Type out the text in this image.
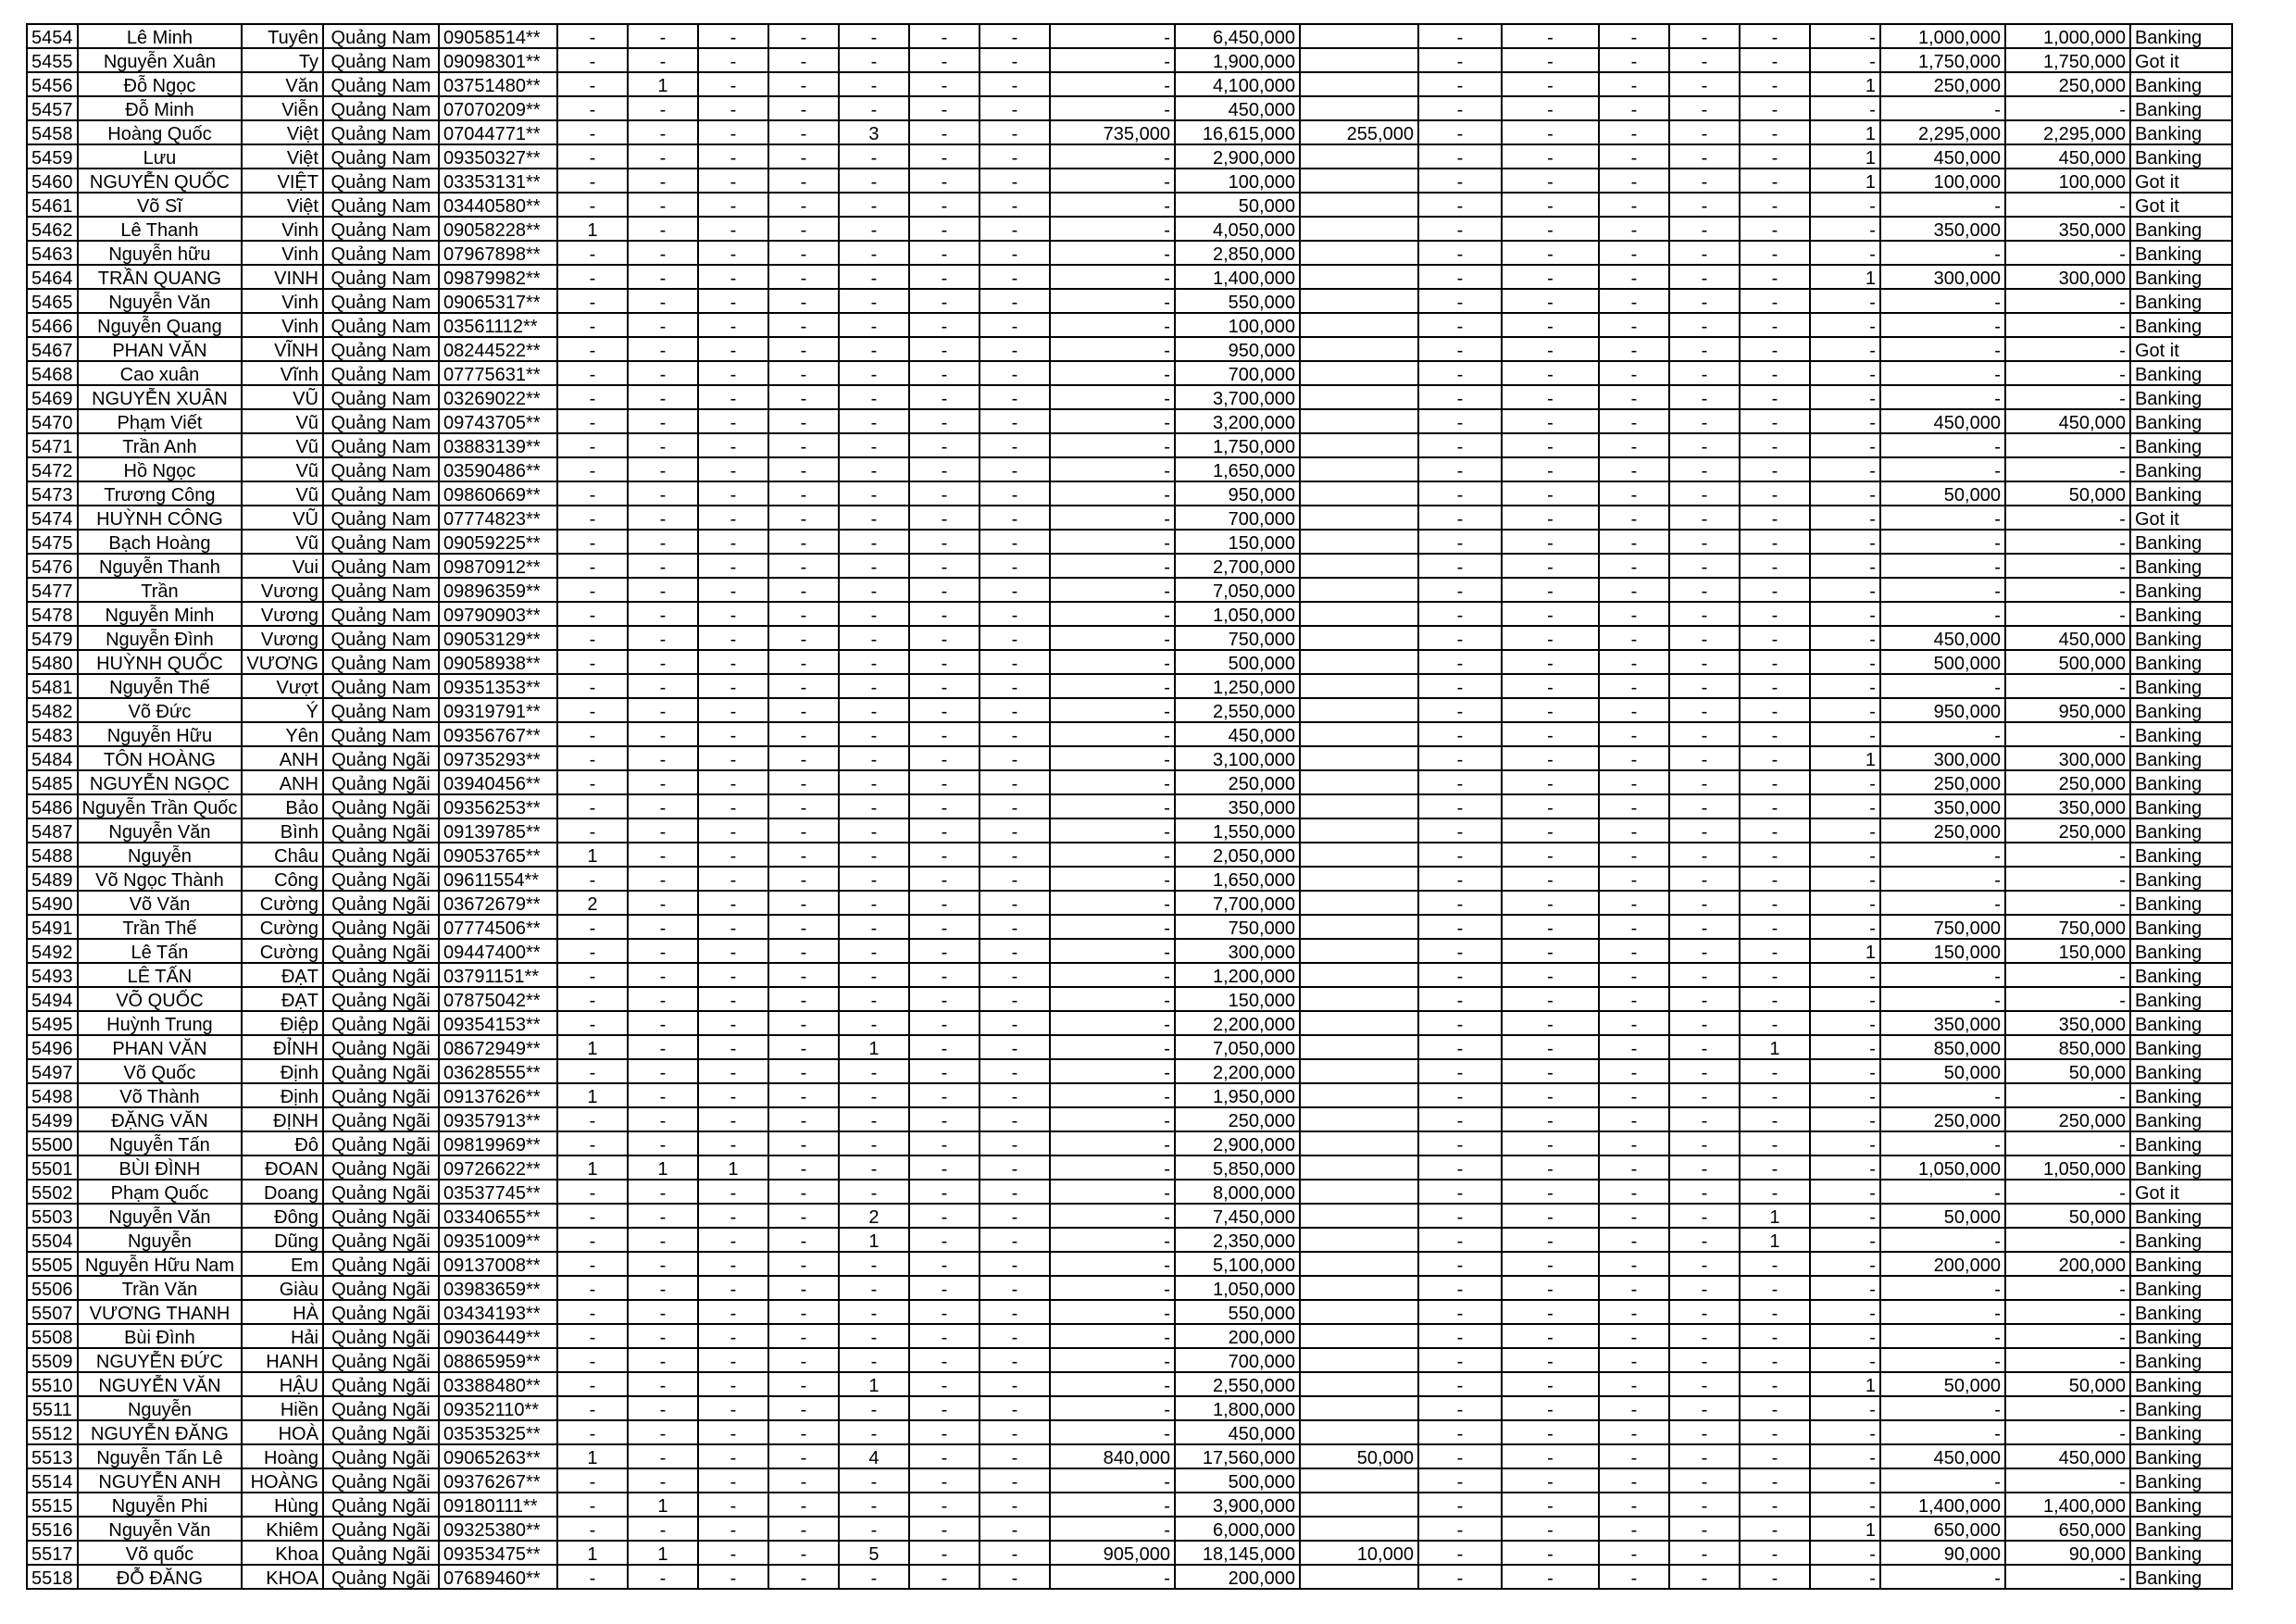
5454	Lê Minh	Tuyên	Quảng Nam	09058514**	-	-	-	-	-	-	-	-	6,450,000		-	-	-	-	-	-	1,000,000	1,000,000	Banking
5455	Nguyễn Xuân	Ty	Quảng Nam	09098301**	-	-	-	-	-	-	-	-	1,900,000		-	-	-	-	-	-	1,750,000	1,750,000	Got it
5456	Đỗ Ngọc	Văn	Quảng Nam	03751480**	-	1	-	-	-	-	-	-	4,100,000		-	-	-	-	-	1	250,000	250,000	Banking
5457	Đỗ Minh	Viễn	Quảng Nam	07070209**	-	-	-	-	-	-	-	-	450,000		-	-	-	-	-	-	-	-	Banking
5458	Hoàng Quốc	Việt	Quảng Nam	07044771**	-	-	-	-	3	-	-	735,000	16,615,000	255,000	-	-	-	-	-	1	2,295,000	2,295,000	Banking
5459	Lưu	Việt	Quảng Nam	09350327**	-	-	-	-	-	-	-	-	2,900,000		-	-	-	-	-	1	450,000	450,000	Banking
5460	NGUYỄN QUỐC	VIỆT	Quảng Nam	03353131**	-	-	-	-	-	-	-	-	100,000		-	-	-	-	-	1	100,000	100,000	Got it
5461	Võ Sĩ	Việt	Quảng Nam	03440580**	-	-	-	-	-	-	-	-	50,000		-	-	-	-	-	-	-	-	Got it
5462	Lê Thanh	Vinh	Quảng Nam	09058228**	1	-	-	-	-	-	-	-	4,050,000		-	-	-	-	-	-	350,000	350,000	Banking
5463	Nguyễn hữu	Vinh	Quảng Nam	07967898**	-	-	-	-	-	-	-	-	2,850,000		-	-	-	-	-	-	-	-	Banking
5464	TRẦN QUANG	VINH	Quảng Nam	09879982**	-	-	-	-	-	-	-	-	1,400,000		-	-	-	-	-	1	300,000	300,000	Banking
5465	Nguyễn Văn	Vinh	Quảng Nam	09065317**	-	-	-	-	-	-	-	-	550,000		-	-	-	-	-	-	-	-	Banking
5466	Nguyễn Quang	Vinh	Quảng Nam	03561112**	-	-	-	-	-	-	-	-	100,000		-	-	-	-	-	-	-	-	Banking
5467	PHAN VĂN	VĨNH	Quảng Nam	08244522**	-	-	-	-	-	-	-	-	950,000		-	-	-	-	-	-	-	-	Got it
5468	Cao xuân	Vĩnh	Quảng Nam	07775631**	-	-	-	-	-	-	-	-	700,000		-	-	-	-	-	-	-	-	Banking
5469	NGUYỄN XUÂN	VŨ	Quảng Nam	03269022**	-	-	-	-	-	-	-	-	3,700,000		-	-	-	-	-	-	-	-	Banking
5470	Phạm Viết	Vũ	Quảng Nam	09743705**	-	-	-	-	-	-	-	-	3,200,000		-	-	-	-	-	-	450,000	450,000	Banking
5471	Trần Anh	Vũ	Quảng Nam	03883139**	-	-	-	-	-	-	-	-	1,750,000		-	-	-	-	-	-	-	-	Banking
5472	Hồ Ngọc	Vũ	Quảng Nam	03590486**	-	-	-	-	-	-	-	-	1,650,000		-	-	-	-	-	-	-	-	Banking
5473	Trương Công	Vũ	Quảng Nam	09860669**	-	-	-	-	-	-	-	-	950,000		-	-	-	-	-	-	50,000	50,000	Banking
5474	HUỲNH CÔNG	VŨ	Quảng Nam	07774823**	-	-	-	-	-	-	-	-	700,000		-	-	-	-	-	-	-	-	Got it
5475	Bạch Hoàng	Vũ	Quảng Nam	09059225**	-	-	-	-	-	-	-	-	150,000		-	-	-	-	-	-	-	-	Banking
5476	Nguyễn Thanh	Vui	Quảng Nam	09870912**	-	-	-	-	-	-	-	-	2,700,000		-	-	-	-	-	-	-	-	Banking
5477	Trần	Vương	Quảng Nam	09896359**	-	-	-	-	-	-	-	-	7,050,000		-	-	-	-	-	-	-	-	Banking
5478	Nguyễn Minh	Vương	Quảng Nam	09790903**	-	-	-	-	-	-	-	-	1,050,000		-	-	-	-	-	-	-	-	Banking
5479	Nguyễn Đình	Vương	Quảng Nam	09053129**	-	-	-	-	-	-	-	-	750,000		-	-	-	-	-	-	450,000	450,000	Banking
5480	HUỲNH QUỐC	VƯƠNG	Quảng Nam	09058938**	-	-	-	-	-	-	-	-	500,000		-	-	-	-	-	-	500,000	500,000	Banking
5481	Nguyễn Thế	Vượt	Quảng Nam	09351353**	-	-	-	-	-	-	-	-	1,250,000		-	-	-	-	-	-	-	-	Banking
5482	Võ Đức	Ý	Quảng Nam	09319791**	-	-	-	-	-	-	-	-	2,550,000		-	-	-	-	-	-	950,000	950,000	Banking
5483	Nguyễn Hữu	Yên	Quảng Nam	09356767**	-	-	-	-	-	-	-	-	450,000		-	-	-	-	-	-	-	-	Banking
5484	TÔN HOÀNG	ANH	Quảng Ngãi	09735293**	-	-	-	-	-	-	-	-	3,100,000		-	-	-	-	-	1	300,000	300,000	Banking
5485	NGUYỄN NGỌC	ANH	Quảng Ngãi	03940456**	-	-	-	-	-	-	-	-	250,000		-	-	-	-	-	-	250,000	250,000	Banking
5486	Nguyễn Trần Quốc	Bảo	Quảng Ngãi	09356253**	-	-	-	-	-	-	-	-	350,000		-	-	-	-	-	-	350,000	350,000	Banking
5487	Nguyễn Văn	Bình	Quảng Ngãi	09139785**	-	-	-	-	-	-	-	-	1,550,000		-	-	-	-	-	-	250,000	250,000	Banking
5488	Nguyễn	Châu	Quảng Ngãi	09053765**	1	-	-	-	-	-	-	-	2,050,000		-	-	-	-	-	-	-	-	Banking
5489	Võ Ngọc Thành	Công	Quảng Ngãi	09611554**	-	-	-	-	-	-	-	-	1,650,000		-	-	-	-	-	-	-	-	Banking
5490	Võ Văn	Cường	Quảng Ngãi	03672679**	2	-	-	-	-	-	-	-	7,700,000		-	-	-	-	-	-	-	-	Banking
5491	Trần Thế	Cường	Quảng Ngãi	07774506**	-	-	-	-	-	-	-	-	750,000		-	-	-	-	-	-	750,000	750,000	Banking
5492	Lê Tấn	Cường	Quảng Ngãi	09447400**	-	-	-	-	-	-	-	-	300,000		-	-	-	-	-	1	150,000	150,000	Banking
5493	LÊ TẤN	ĐẠT	Quảng Ngãi	03791151**	-	-	-	-	-	-	-	-	1,200,000		-	-	-	-	-	-	-	-	Banking
5494	VÕ QUỐC	ĐẠT	Quảng Ngãi	07875042**	-	-	-	-	-	-	-	-	150,000		-	-	-	-	-	-	-	-	Banking
5495	Huỳnh Trung	Điệp	Quảng Ngãi	09354153**	-	-	-	-	-	-	-	-	2,200,000		-	-	-	-	-	-	350,000	350,000	Banking
5496	PHAN VĂN	ĐỈNH	Quảng Ngãi	08672949**	1	-	-	-	1	-	-	-	7,050,000		-	-	-	-	1	-	850,000	850,000	Banking
5497	Võ Quốc	Định	Quảng Ngãi	03628555**	-	-	-	-	-	-	-	-	2,200,000		-	-	-	-	-	-	50,000	50,000	Banking
5498	Võ Thành	Định	Quảng Ngãi	09137626**	1	-	-	-	-	-	-	-	1,950,000		-	-	-	-	-	-	-	-	Banking
5499	ĐẶNG VĂN	ĐỊNH	Quảng Ngãi	09357913**	-	-	-	-	-	-	-	-	250,000		-	-	-	-	-	-	250,000	250,000	Banking
5500	Nguyễn Tấn	Đô	Quảng Ngãi	09819969**	-	-	-	-	-	-	-	-	2,900,000		-	-	-	-	-	-	-	-	Banking
5501	BÙI ĐÌNH	ĐOAN	Quảng Ngãi	09726622**	1	1	1	-	-	-	-	-	5,850,000		-	-	-	-	-	-	1,050,000	1,050,000	Banking
5502	Phạm Quốc	Doang	Quảng Ngãi	03537745**	-	-	-	-	-	-	-	-	8,000,000		-	-	-	-	-	-	-	-	Got it
5503	Nguyễn Văn	Đông	Quảng Ngãi	03340655**	-	-	-	-	2	-	-	-	7,450,000		-	-	-	-	1	-	50,000	50,000	Banking
5504	Nguyễn	Dũng	Quảng Ngãi	09351009**	-	-	-	-	1	-	-	-	2,350,000		-	-	-	-	1	-	-	-	Banking
5505	Nguyễn Hữu Nam	Em	Quảng Ngãi	09137008**	-	-	-	-	-	-	-	-	5,100,000		-	-	-	-	-	-	200,000	200,000	Banking
5506	Trần Văn	Giàu	Quảng Ngãi	03983659**	-	-	-	-	-	-	-	-	1,050,000		-	-	-	-	-	-	-	-	Banking
5507	VƯƠNG THANH	HÀ	Quảng Ngãi	03434193**	-	-	-	-	-	-	-	-	550,000		-	-	-	-	-	-	-	-	Banking
5508	Bùi Đình	Hải	Quảng Ngãi	09036449**	-	-	-	-	-	-	-	-	200,000		-	-	-	-	-	-	-	-	Banking
5509	NGUYỄN ĐỨC	HANH	Quảng Ngãi	08865959**	-	-	-	-	-	-	-	-	700,000		-	-	-	-	-	-	-	-	Banking
5510	NGUYỄN VĂN	HẬU	Quảng Ngãi	03388480**	-	-	-	-	1	-	-	-	2,550,000		-	-	-	-	-	1	50,000	50,000	Banking
5511	Nguyễn	Hiền	Quảng Ngãi	09352110**	-	-	-	-	-	-	-	-	1,800,000		-	-	-	-	-	-	-	-	Banking
5512	NGUYỄN ĐĂNG	HOÀ	Quảng Ngãi	03535325**	-	-	-	-	-	-	-	-	450,000		-	-	-	-	-	-	-	-	Banking
5513	Nguyễn Tấn Lê	Hoàng	Quảng Ngãi	09065263**	1	-	-	-	4	-	-	840,000	17,560,000	50,000	-	-	-	-	-	-	450,000	450,000	Banking
5514	NGUYỄN ANH	HOÀNG	Quảng Ngãi	09376267**	-	-	-	-	-	-	-	-	500,000		-	-	-	-	-	-	-	-	Banking
5515	Nguyễn Phi	Hùng	Quảng Ngãi	09180111**	-	1	-	-	-	-	-	-	3,900,000		-	-	-	-	-	-	1,400,000	1,400,000	Banking
5516	Nguyễn Văn	Khiêm	Quảng Ngãi	09325380**	-	-	-	-	-	-	-	-	6,000,000		-	-	-	-	-	1	650,000	650,000	Banking
5517	Võ quốc	Khoa	Quảng Ngãi	09353475**	1	1	-	-	5	-	-	905,000	18,145,000	10,000	-	-	-	-	-	-	90,000	90,000	Banking
5518	ĐỖ ĐĂNG	KHOA	Quảng Ngãi	07689460**	-	-	-	-	-	-	-	-	200,000		-	-	-	-	-	-	-	-	Banking
